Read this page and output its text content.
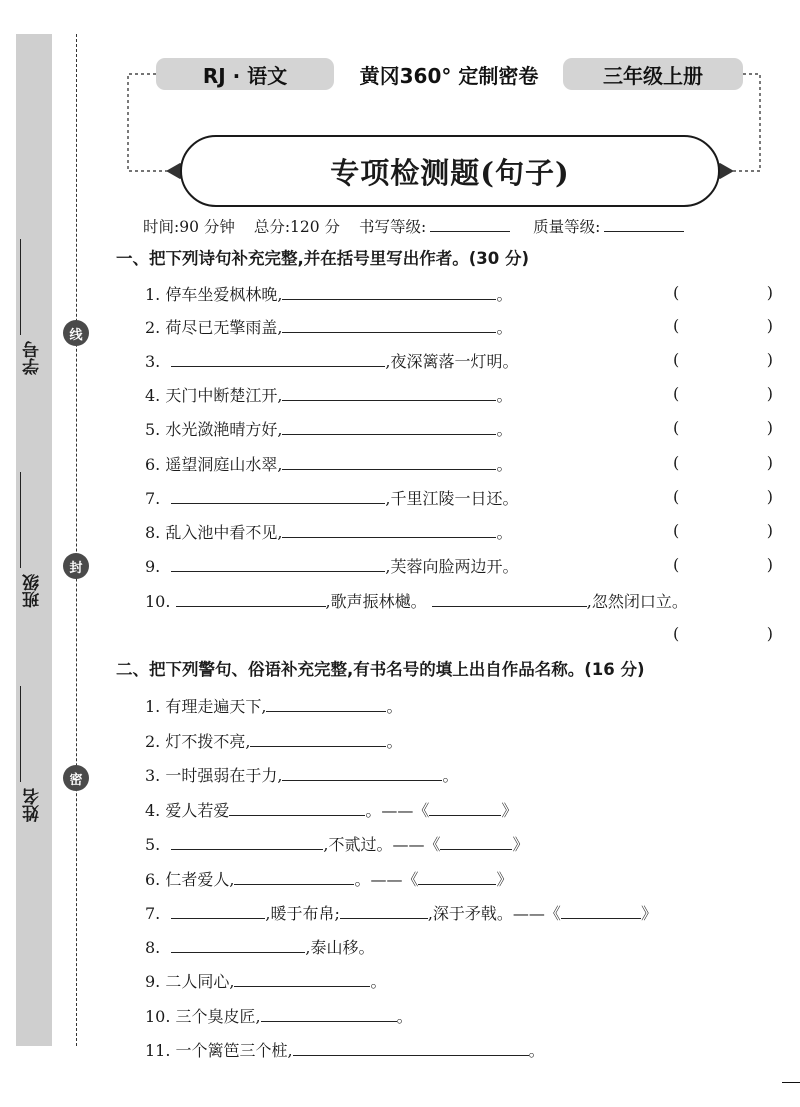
学号
班级
姓名
线
封
密
RJ · 语文	黄冈360° 定制密卷	三年级上册
专项检测题(句子)
时间:90 分钟 总分:120 分 书写等级:	质量等级:
一、把下列诗句补充完整,并在括号里写出作者。(30 分)
1. 停车坐爱枫林晚,	。
2. 荷尽已无擎雨盖,	。
3.	,夜深篱落一灯明。
4. 天门中断楚江开,	。
5. 水光潋滟晴方好,	。
6. 遥望洞庭山水翠,	。
7.	,千里江陵一日还。
8. 乱入池中看不见,	。
9.	,芙蓉向脸两边开。
10.	,歌声振林樾。	,忽然闭口立。
(	)
(	)
(	)
(	)
(	)
(	)
(	)
(	)
(	)
(	)
二、把下列警句、俗语补充完整,有书名号的填上出自作品名称。(16 分)
1. 有理走遍天下,	。
2. 灯不拨不亮,	。
3. 一时强弱在于力,	。
4. 爱人若爱	。——《	》
5.	,不贰过。——《	》
6. 仁者爱人,	。——《	》
7.	,暖于布帛;	,深于矛戟。——《	》
8.	,泰山移。
9. 二人同心,	。
10. 三个臭皮匠,	。
11. 一个篱笆三个桩,	。
